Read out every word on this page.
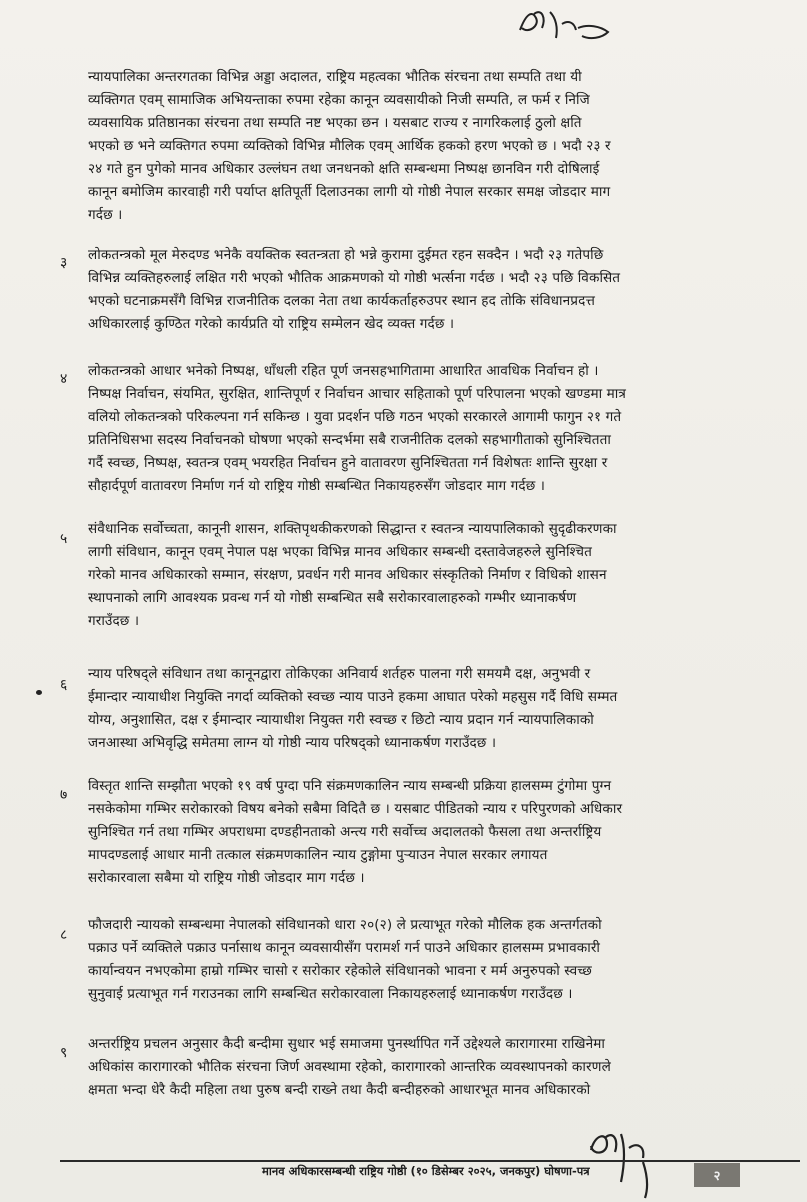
न्यायपालिका अन्तरगतका विभिन्न अड्डा अदालत, राष्ट्रिय महत्वका भौतिक संरचना तथा सम्पति तथा यी
व्यक्तिगत एवम् सामाजिक अभियन्ताका रुपमा रहेका कानून व्यवसायीको निजी सम्पति, ल फर्म र निजि
व्यवसायिक प्रतिष्ठानका संरचना तथा सम्पति नष्ट भएका छन । यसबाट राज्य र नागरिकलाई ठुलो क्षति
भएको छ भने व्यक्तिगत रुपमा व्यक्तिको विभिन्न मौलिक एवम् आर्थिक हकको हरण भएको छ । भदौ २३ र
२४ गते हुन पुगेको मानव अधिकार उल्लंघन तथा जनधनको क्षति सम्बन्धमा निष्पक्ष छानविन गरी दोषिलाई
कानून बमोजिम कारवाही गरी पर्याप्त क्षतिपूर्ती दिलाउनका लागी यो गोष्ठी नेपाल सरकार समक्ष जोडदार माग
गर्दछ ।
३ लोकतन्त्रको मूल मेरुदण्ड भनेकै वयक्तिक स्वतन्त्रता हो भन्ने कुरामा दुईमत रहन सक्दैन । भदौ २३ गतेपछि
विभिन्न व्यक्तिहरुलाई लक्षित गरी भएको भौतिक आक्रमणको यो गोष्ठी भर्त्सना गर्दछ । भदौ २३ पछि विकसित
भएको घटनाक्रमसँगै विभिन्न राजनीतिक दलका नेता तथा कार्यकर्ताहरुउपर स्थान हद तोकि संविधानप्रदत्त
अधिकारलाई कुण्ठित गरेको कार्यप्रति यो राष्ट्रिय सम्मेलन खेद व्यक्त गर्दछ ।
४ लोकतन्त्रको आधार भनेको निष्पक्ष, धाँधली रहित पूर्ण जनसहभागितामा आधारित आवधिक निर्वाचन हो ।
निष्पक्ष निर्वाचन, संयमित, सुरक्षित, शान्तिपूर्ण र निर्वाचन आचार सहिताको पूर्ण परिपालना भएको खण्डमा मात्र
वलियो लोकतन्त्रको परिकल्पना गर्न सकिन्छ । युवा प्रदर्शन पछि गठन भएको सरकारले आगामी फागुन २१ गते
प्रतिनिधिसभा सदस्य निर्वाचनको घोषणा भएको सन्दर्भमा सबै राजनीतिक दलको सहभागीताको सुनिश्चितता
गर्दै स्वच्छ, निष्पक्ष, स्वतन्त्र एवम् भयरहित निर्वाचन हुने वातावरण सुनिश्चितता गर्न विशेषतः शान्ति सुरक्षा र
सौहार्दपूर्ण वातावरण निर्माण गर्न यो राष्ट्रिय गोष्ठी सम्बन्धित निकायहरुसँग जोडदार माग गर्दछ ।
५
संवैधानिक सर्वोच्चता, कानूनी शासन, शक्तिपृथकीकरणको सिद्धान्त र स्वतन्त्र न्यायपालिकाको सुदृढीकरणका
लागी संविधान, कानून एवम् नेपाल पक्ष भएका विभिन्न मानव अधिकार सम्बन्धी दस्तावेजहरुले सुनिश्चित
गरेको मानव अधिकारको सम्मान, संरक्षण, प्रवर्धन गरी मानव अधिकार संस्कृतिको निर्माण र विधिको शासन
स्थापनाको लागि आवश्यक प्रवन्ध गर्न यो गोष्ठी सम्बन्धित सबै सरोकारवालाहरुको गम्भीर ध्यानाकर्षण
गराउँदछ ।
६
न्याय परिषद्ले संविधान तथा कानूनद्वारा तोकिएका अनिवार्य शर्तहरु पालना गरी समयमै दक्ष, अनुभवी र
ईमान्दार न्यायाधीश नियुक्ति नगर्दा व्यक्तिको स्वच्छ न्याय पाउने हकमा आघात परेको महसुस गर्दै विधि सम्मत
योग्य, अनुशासित, दक्ष र ईमान्दार न्यायाधीश नियुक्त गरी स्वच्छ र छिटो न्याय प्रदान गर्न न्यायपालिकाको
जनआस्था अभिवृद्धि समेतमा लाग्न यो गोष्ठी न्याय परिषद्को ध्यानाकर्षण गराउँदछ ।
७
विस्तृत शान्ति सम्झौता भएको १९ वर्ष पुग्दा पनि संक्रमणकालिन न्याय सम्बन्धी प्रक्रिया हालसम्म टुंगोमा पुग्न
नसकेकोमा गम्भिर सरोकारको विषय बनेको सबैमा विदितै छ । यसबाट पीडितको न्याय र परिपुरणको अधिकार
सुनिश्चित गर्न तथा गम्भिर अपराधमा दण्डहीनताको अन्त्य गरी सर्वोच्च अदालतको फैसला तथा अन्तर्राष्ट्रिय
मापदण्डलाई आधार मानी तत्काल संक्रमणकालिन न्याय टुङ्गोमा पुऱ्याउन नेपाल सरकार लगायत
सरोकारवाला सबैमा यो राष्ट्रिय गोष्ठी जोडदार माग गर्दछ ।
८
फौजदारी न्यायको सम्बन्धमा नेपालको संविधानको धारा २०(२) ले प्रत्याभूत गरेको मौलिक हक अन्तर्गतको
पक्राउ पर्ने व्यक्तिले पक्राउ पर्नासाथ कानून व्यवसायीसँग परामर्श गर्न पाउने अधिकार हालसम्म प्रभावकारी
कार्यान्वयन नभएकोमा हाम्रो गम्भिर चासो र सरोकार रहेकोले संविधानको भावना र मर्म अनुरुपको स्वच्छ
सुनुवाई प्रत्याभूत गर्न गराउनका लागि सम्बन्धित सरोकारवाला निकायहरुलाई ध्यानाकर्षण गराउँदछ ।
९
अन्तर्राष्ट्रिय प्रचलन अनुसार कैदी बन्दीमा सुधार भई समाजमा पुनर्स्थापित गर्ने उद्देश्यले कारागारमा राखिनेमा
अधिकांस कारागारको भौतिक संरचना जिर्ण अवस्थामा रहेको, कारागारको आन्तरिक व्यवस्थापनको कारणले
क्षमता भन्दा धेरै कैदी महिला तथा पुरुष बन्दी राख्ने तथा कैदी बन्दीहरुको आधारभूत मानव अधिकारको
मानव अधिकारसम्बन्धी राष्ट्रिय गोष्ठी (१० डिसेम्बर २०२५, जनकपुर) घोषणा-पत्र	२
